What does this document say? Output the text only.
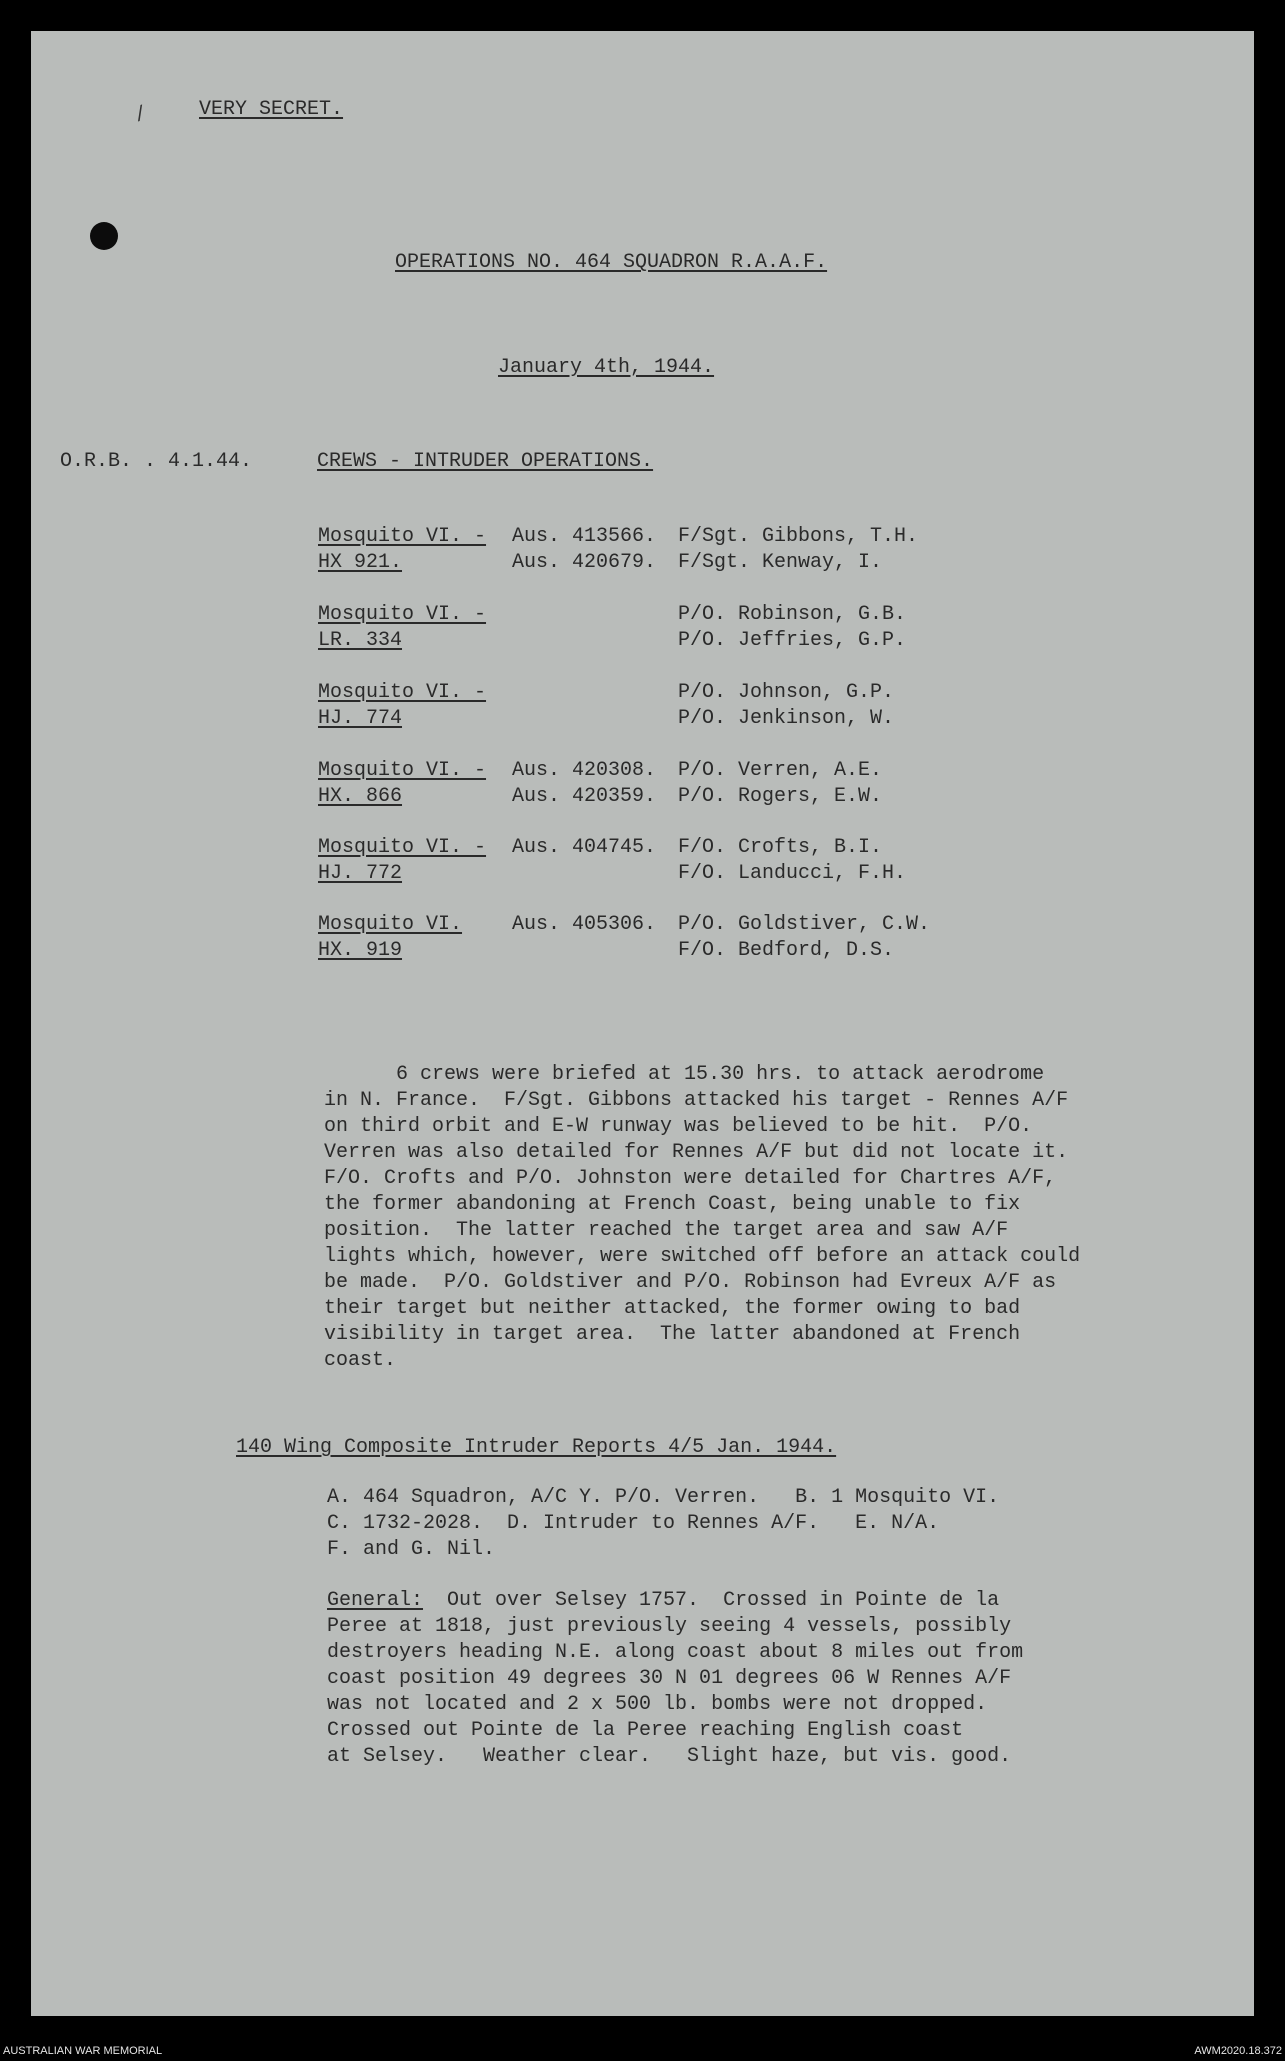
/ VERY SECRET.
OPERATIONS NO. 464 SQUADRON R.A.A.F.
January 4th, 1944.
O.R.B. . 4.1.44.	CREWS - INTRUDER OPERATIONS.
Mosquito VI. -
HX 921.
Aus. 413566.
Aus. 420679.
F/Sgt. Gibbons, T.H.
F/Sgt. Kenway, I.
Mosquito VI. -
LR. 334
P/O. Robinson, G.B.
P/O. Jeffries, G.P.
Mosquito VI. -
HJ. 774
P/O. Johnson, G.P.
P/O. Jenkinson, W.
Mosquito VI. -
HX. 866
Aus. 420308.
Aus. 420359.
P/O. Verren, A.E.
P/O. Rogers, E.W.
Mosquito VI. -
HJ. 772
Aus. 404745. F/O. Crofts, B.I.
F/O. Landucci, F.H.
Mosquito VI.
HX. 919
Aus. 405306. P/O. Goldstiver, C.W.
F/O. Bedford, D.S.
6 crews were briefed at 15.30 hrs. to attack aerodrome
in N. France.  F/Sgt. Gibbons attacked his target - Rennes A/F
on third orbit and E-W runway was believed to be hit.  P/O.
Verren was also detailed for Rennes A/F but did not locate it.
F/O. Crofts and P/O. Johnston were detailed for Chartres A/F,
the former abandoning at French Coast, being unable to fix
position.  The latter reached the target area and saw A/F
lights which, however, were switched off before an attack could
be made.  P/O. Goldstiver and P/O. Robinson had Evreux A/F as
their target but neither attacked, the former owing to bad
visibility in target area.  The latter abandoned at French
coast.
140 Wing Composite Intruder Reports 4/5 Jan. 1944.
A. 464 Squadron, A/C Y. P/O. Verren.   B. 1 Mosquito VI.
C. 1732-2028.  D. Intruder to Rennes A/F.   E. N/A.
F. and G. Nil.
General:  Out over Selsey 1757.  Crossed in Pointe de la
Peree at 1818, just previously seeing 4 vessels, possibly
destroyers heading N.E. along coast about 8 miles out from
coast position 49 degrees 30 N 01 degrees 06 W Rennes A/F
was not located and 2 x 500 lb. bombs were not dropped.
Crossed out Pointe de la Peree reaching English coast
at Selsey.   Weather clear.   Slight haze, but vis. good.
AUSTRALIAN WAR MEMORIAL	AWM2020.18.372
